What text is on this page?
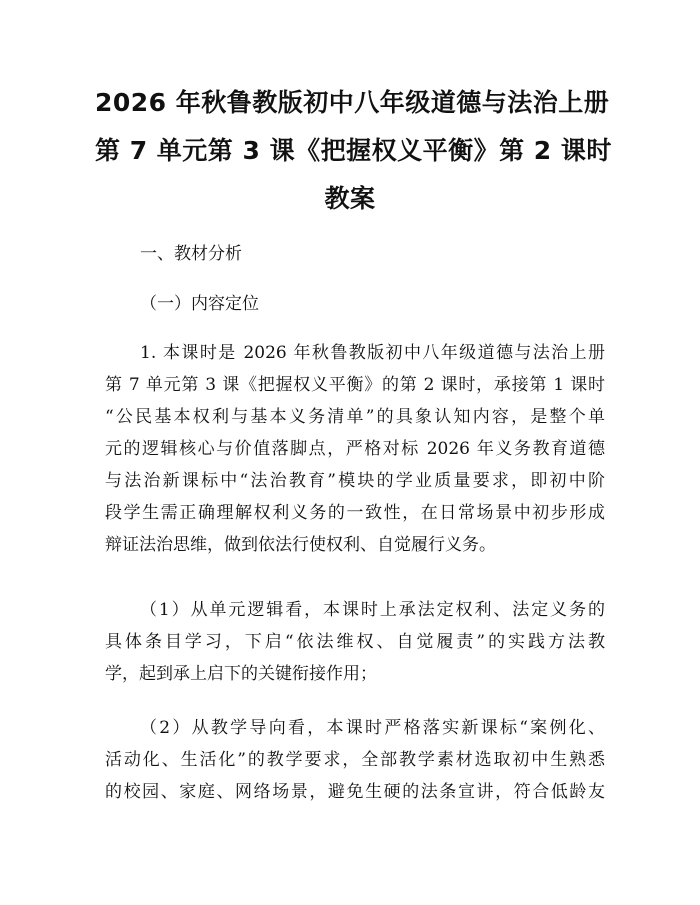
2026 年秋鲁教版初中八年级道德与法治上册
第 7 单元第 3 课《把握权义平衡》第 2 课时
教案
一、教材分析
（一）内容定位
1. 本课时是 2026 年秋鲁教版初中八年级道德与法治上册
第 7 单元第 3 课《把握权义平衡》的第 2 课时，承接第 1 课时
“公民基本权利与基本义务清单”的具象认知内容，是整个单
元的逻辑核心与价值落脚点，严格对标 2026 年义务教育道德
与法治新课标中“法治教育”模块的学业质量要求，即初中阶
段学生需正确理解权利义务的一致性，在日常场景中初步形成
辩证法治思维，做到依法行使权利、自觉履行义务。
（1）从单元逻辑看，本课时上承法定权利、法定义务的
具体条目学习，下启“依法维权、自觉履责”的实践方法教
学，起到承上启下的关键衔接作用；
（2）从教学导向看，本课时严格落实新课标“案例化、
活动化、生活化”的教学要求，全部教学素材选取初中生熟悉
的校园、家庭、网络场景，避免生硬的法条宣讲，符合低龄友
